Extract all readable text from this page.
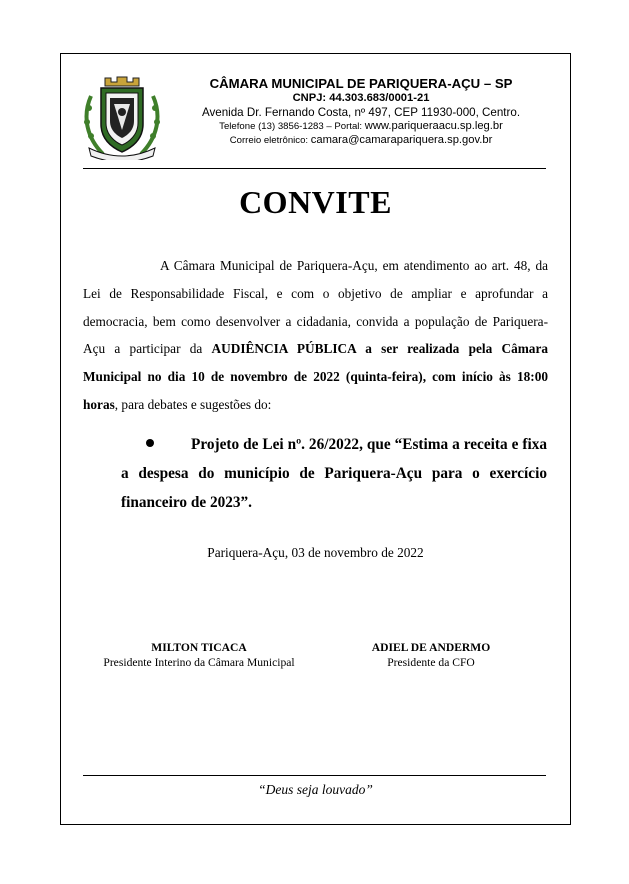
CÂMARA MUNICIPAL DE PARIQUERA-AÇU – SP
CNPJ: 44.303.683/0001-21
Avenida Dr. Fernando Costa, nº 497, CEP 11930-000, Centro.
Telefone (13) 3856-1283 – Portal: www.pariqueraacu.sp.leg.br
Correio eletrônico: camara@camarapariquera.sp.gov.br
CONVITE
A Câmara Municipal de Pariquera-Açu, em atendimento ao art. 48, da Lei de Responsabilidade Fiscal, e com o objetivo de ampliar e aprofundar a democracia, bem como desenvolver a cidadania, convida a população de Pariquera-Açu a participar da AUDIÊNCIA PÚBLICA a ser realizada pela Câmara Municipal no dia 10 de novembro de 2022 (quinta-feira), com início às 18:00 horas, para debates e sugestões do:
Projeto de Lei nº. 26/2022, que “Estima a receita e fixa a despesa do município de Pariquera-Açu para o exercício financeiro de 2023”.
Pariquera-Açu, 03 de novembro de 2022
MILTON TICACA
Presidente Interino da Câmara Municipal
ADIEL DE ANDERMO
Presidente da CFO
“Deus seja louvado”
